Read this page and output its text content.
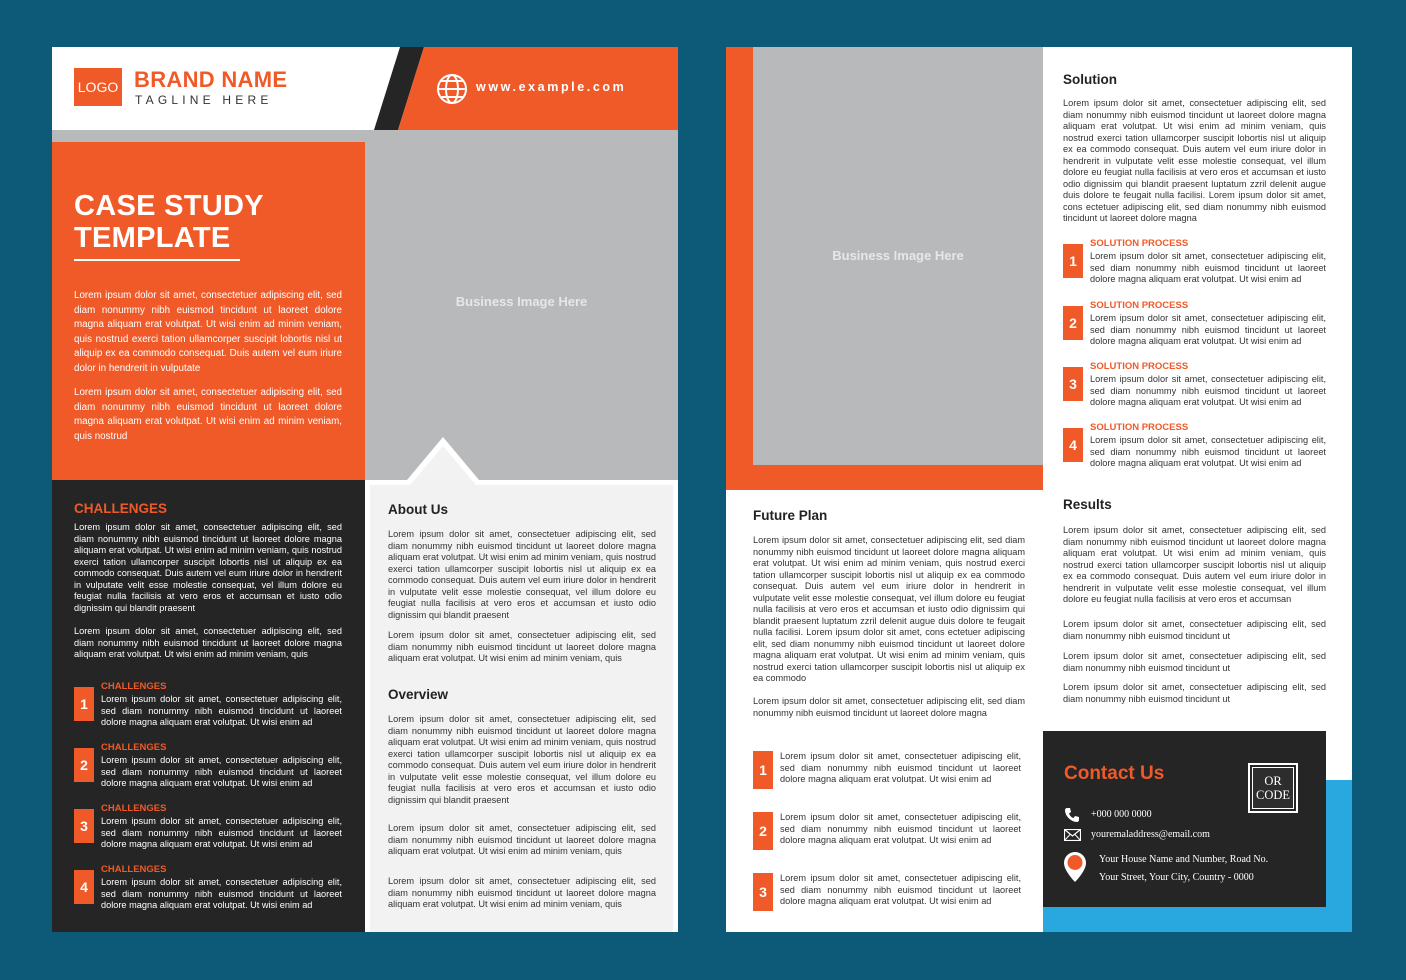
LOGO BRAND NAME
TAGLINE HERE
www.example.com
CASE STUDY
TEMPLATE
Lorem ipsum dolor sit amet, consectetuer adipiscing elit, sed diam nonummy nibh euismod tincidunt ut laoreet dolore magna aliquam erat volutpat. Ut wisi enim ad minim veniam, quis nostrud exerci tation ullamcorper suscipit lobortis nisl ut aliquip ex ea commodo consequat. Duis autem vel eum iriure dolor in hendrerit in vulputate
Lorem ipsum dolor sit amet, consectetuer adipiscing elit, sed diam nonummy nibh euismod tincidunt ut laoreet dolore magna aliquam erat volutpat. Ut wisi enim ad minim veniam, quis nostrud
Business Image Here
CHALLENGES
Lorem ipsum dolor sit amet, consectetuer adipiscing elit, sed diam nonummy nibh euismod tincidunt ut laoreet dolore magna aliquam erat volutpat. Ut wisi enim ad minim veniam, quis nostrud exerci tation ullamcorper suscipit lobortis nisl ut aliquip ex ea commodo consequat. Duis autem vel eum iriure dolor in hendrerit in vulputate velit esse molestie consequat, vel illum dolore eu feugiat nulla facilisis at vero eros et accumsan et iusto odio dignissim qui blandit praesent
Lorem ipsum dolor sit amet, consectetuer adipiscing elit, sed diam nonummy nibh euismod tincidunt ut laoreet dolore magna aliquam erat volutpat. Ut wisi enim ad minim veniam, quis
1
CHALLENGES
Lorem ipsum dolor sit amet, consectetuer adipiscing elit, sed diam nonummy nibh euismod tincidunt ut laoreet dolore magna aliquam erat volutpat. Ut wisi enim ad
2
CHALLENGES
Lorem ipsum dolor sit amet, consectetuer adipiscing elit, sed diam nonummy nibh euismod tincidunt ut laoreet dolore magna aliquam erat volutpat. Ut wisi enim ad
3
CHALLENGES
Lorem ipsum dolor sit amet, consectetuer adipiscing elit, sed diam nonummy nibh euismod tincidunt ut laoreet dolore magna aliquam erat volutpat. Ut wisi enim ad
4
CHALLENGES
Lorem ipsum dolor sit amet, consectetuer adipiscing elit, sed diam nonummy nibh euismod tincidunt ut laoreet dolore magna aliquam erat volutpat. Ut wisi enim ad
About Us
Lorem ipsum dolor sit amet, consectetuer adipiscing elit, sed diam nonummy nibh euismod tincidunt ut laoreet dolore magna aliquam erat volutpat. Ut wisi enim ad minim veniam, quis nostrud exerci tation ullamcorper suscipit lobortis nisl ut aliquip ex ea commodo consequat. Duis autem vel eum iriure dolor in hendrerit in vulputate velit esse molestie consequat, vel illum dolore eu feugiat nulla facilisis at vero eros et accumsan et iusto odio dignissim qui blandit praesent
Lorem ipsum dolor sit amet, consectetuer adipiscing elit, sed diam nonummy nibh euismod tincidunt ut laoreet dolore magna aliquam erat volutpat. Ut wisi enim ad minim veniam, quis
Overview
Lorem ipsum dolor sit amet, consectetuer adipiscing elit, sed diam nonummy nibh euismod tincidunt ut laoreet dolore magna aliquam erat volutpat. Ut wisi enim ad minim veniam, quis nostrud exerci tation ullamcorper suscipit lobortis nisl ut aliquip ex ea commodo consequat. Duis autem vel eum iriure dolor in hendrerit in vulputate velit esse molestie consequat, vel illum dolore eu feugiat nulla facilisis at vero eros et accumsan et iusto odio dignissim qui blandit praesent
Lorem ipsum dolor sit amet, consectetuer adipiscing elit, sed diam nonummy nibh euismod tincidunt ut laoreet dolore magna aliquam erat volutpat. Ut wisi enim ad minim veniam, quis
Lorem ipsum dolor sit amet, consectetuer adipiscing elit, sed diam nonummy nibh euismod tincidunt ut laoreet dolore magna aliquam erat volutpat. Ut wisi enim ad minim veniam, quis
Business Image Here
Solution
Lorem ipsum dolor sit amet, consectetuer adipiscing elit, sed diam nonummy nibh euismod tincidunt ut laoreet dolore magna aliquam erat volutpat. Ut wisi enim ad minim veniam, quis nostrud exerci tation ullamcorper suscipit lobortis nisl ut aliquip ex ea commodo consequat. Duis autem vel eum iriure dolor in hendrerit in vulputate velit esse molestie consequat, vel illum dolore eu feugiat nulla facilisis at vero eros et accumsan et iusto odio dignissim qui blandit praesent luptatum zzril delenit augue duis dolore te feugait nulla facilisi. Lorem ipsum dolor sit amet, cons ectetuer adipiscing elit, sed diam nonummy nibh euismod tincidunt ut laoreet dolore magna
1
SOLUTION PROCESS
Lorem ipsum dolor sit amet, consectetuer adipiscing elit, sed diam nonummy nibh euismod tincidunt ut laoreet dolore magna aliquam erat volutpat. Ut wisi enim ad
2
SOLUTION PROCESS
Lorem ipsum dolor sit amet, consectetuer adipiscing elit, sed diam nonummy nibh euismod tincidunt ut laoreet dolore magna aliquam erat volutpat. Ut wisi enim ad
3
SOLUTION PROCESS
Lorem ipsum dolor sit amet, consectetuer adipiscing elit, sed diam nonummy nibh euismod tincidunt ut laoreet dolore magna aliquam erat volutpat. Ut wisi enim ad
4
SOLUTION PROCESS
Lorem ipsum dolor sit amet, consectetuer adipiscing elit, sed diam nonummy nibh euismod tincidunt ut laoreet dolore magna aliquam erat volutpat. Ut wisi enim ad
Future Plan
Lorem ipsum dolor sit amet, consectetuer adipiscing elit, sed diam nonummy nibh euismod tincidunt ut laoreet dolore magna aliquam erat volutpat. Ut wisi enim ad minim veniam, quis nostrud exerci tation ullamcorper suscipit lobortis nisl ut aliquip ex ea commodo consequat. Duis autem vel eum iriure dolor in hendrerit in vulputate velit esse molestie consequat, vel illum dolore eu feugiat nulla facilisis at vero eros et accumsan et iusto odio dignissim qui blandit praesent luptatum zzril delenit augue duis dolore te feugait nulla facilisi. Lorem ipsum dolor sit amet, cons ectetuer adipiscing elit, sed diam nonummy nibh euismod tincidunt ut laoreet dolore magna aliquam erat volutpat. Ut wisi enim ad minim veniam, quis nostrud exerci tation ullamcorper suscipit lobortis nisl ut aliquip ex ea commodo
Lorem ipsum dolor sit amet, consectetuer adipiscing elit, sed diam nonummy nibh euismod tincidunt ut laoreet dolore magna
1
Lorem ipsum dolor sit amet, consectetuer adipiscing elit, sed diam nonummy nibh euismod tincidunt ut laoreet dolore magna aliquam erat volutpat. Ut wisi enim ad
2
Lorem ipsum dolor sit amet, consectetuer adipiscing elit, sed diam nonummy nibh euismod tincidunt ut laoreet dolore magna aliquam erat volutpat. Ut wisi enim ad
3
Lorem ipsum dolor sit amet, consectetuer adipiscing elit, sed diam nonummy nibh euismod tincidunt ut laoreet dolore magna aliquam erat volutpat. Ut wisi enim ad
Results
Lorem ipsum dolor sit amet, consectetuer adipiscing elit, sed diam nonummy nibh euismod tincidunt ut laoreet dolore magna aliquam erat volutpat. Ut wisi enim ad minim veniam, quis nostrud exerci tation ullamcorper suscipit lobortis nisl ut aliquip ex ea commodo consequat. Duis autem vel eum iriure dolor in hendrerit in vulputate velit esse molestie consequat, vel illum dolore eu feugiat nulla facilisis at vero eros et accumsan
Lorem ipsum dolor sit amet, consectetuer adipiscing elit, sed diam nonummy nibh euismod tincidunt ut
Lorem ipsum dolor sit amet, consectetuer adipiscing elit, sed diam nonummy nibh euismod tincidunt ut
Lorem ipsum dolor sit amet, consectetuer adipiscing elit, sed diam nonummy nibh euismod tincidunt ut
Contact Us
+000 000 0000
youremaladdress@email.com
Your House Name and Number, Road No.
Your Street, Your City, Country - 0000
OR
CODE
